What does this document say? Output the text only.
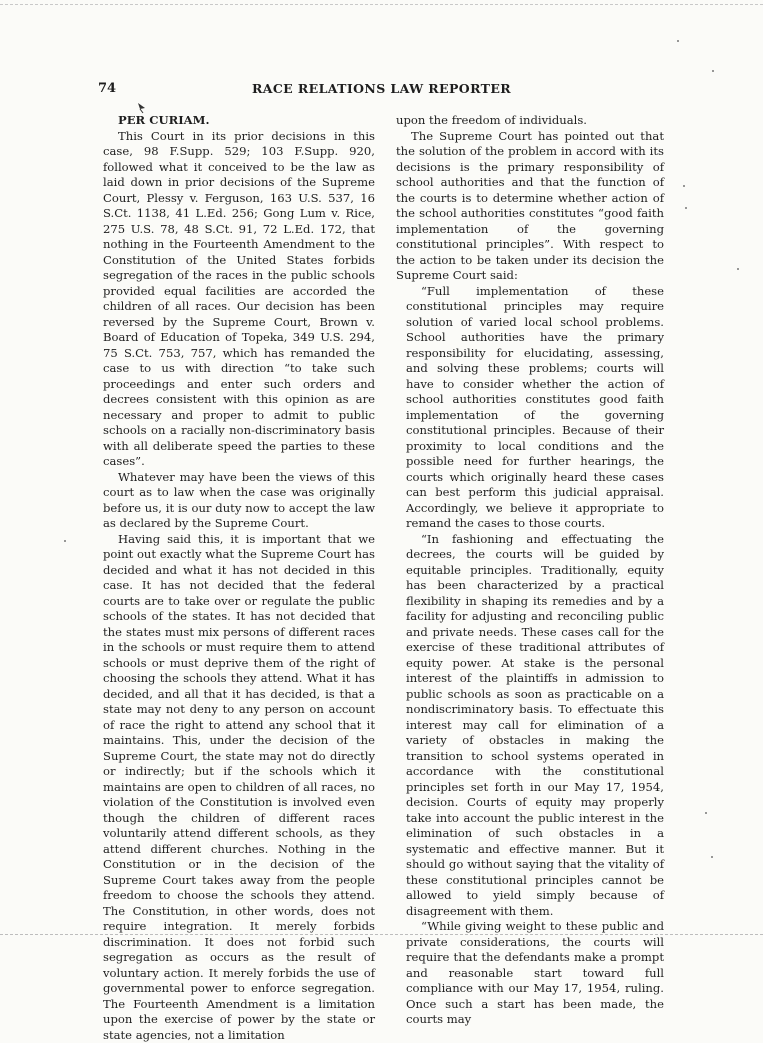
74	RACE RELATIONS LAW REPORTER

PER CURIAM.

This Court in its prior decisions in this case, 98 F.Supp. 529; 103 F.Supp. 920, followed what it conceived to be the law as laid down in prior decisions of the Supreme Court, Plessy v. Ferguson, 163 U.S. 537, 16 S.Ct. 1138, 41 L.Ed. 256; Gong Lum v. Rice, 275 U.S. 78, 48 S.Ct. 91, 72 L.Ed. 172, that nothing in the Fourteenth Amendment to the Constitution of the United States forbids segregation of the races in the public schools provided equal facilities are accorded the children of all races. Our decision has been reversed by the Supreme Court, Brown v. Board of Education of Topeka, 349 U.S. 294, 75 S.Ct. 753, 757, which has remanded the case to us with direction “to take such proceedings and enter such orders and decrees consistent with this opinion as are necessary and proper to admit to public schools on a racially non-discriminatory basis with all deliberate speed the parties to these cases”.

Whatever may have been the views of this court as to law when the case was originally before us, it is our duty now to accept the law as declared by the Supreme Court.

Having said this, it is important that we point out exactly what the Supreme Court has decided and what it has not decided in this case. It has not decided that the federal courts are to take over or regulate the public schools of the states. It has not decided that the states must mix persons of different races in the schools or must require them to attend schools or must deprive them of the right of choosing the schools they attend. What it has decided, and all that it has decided, is that a state may not deny to any person on account of race the right to attend any school that it maintains. This, under the decision of the Supreme Court, the state may not do directly or indirectly; but if the schools which it maintains are open to children of all races, no violation of the Constitution is involved even though the children of different races voluntarily attend different schools, as they attend different churches. Nothing in the Constitution or in the decision of the Supreme Court takes away from the people freedom to choose the schools they attend. The Constitution, in other words, does not require integration. It merely forbids discrimination. It does not forbid such segregation as occurs as the result of voluntary action. It merely forbids the use of governmental power to enforce segregation. The Fourteenth Amendment is a limitation upon the exercise of power by the state or state agencies, not a limitation

upon the freedom of individuals.

The Supreme Court has pointed out that the solution of the problem in accord with its decisions is the primary responsibility of school authorities and that the function of the courts is to determine whether action of the school authorities constitutes “good faith implementation of the governing constitutional principles”. With respect to the action to be taken under its decision the Supreme Court said:

“Full implementation of these constitutional principles may require solution of varied local school problems. School authorities have the primary responsibility for elucidating, assessing, and solving these problems; courts will have to consider whether the action of school authorities constitutes good faith implementation of the governing constitutional principles. Because of their proximity to local conditions and the possible need for further hearings, the courts which originally heard these cases can best perform this judicial appraisal. Accordingly, we believe it appropriate to remand the cases to those courts.

“In fashioning and effectuating the decrees, the courts will be guided by equitable principles. Traditionally, equity has been characterized by a practical flexibility in shaping its remedies and by a facility for adjusting and reconciling public and private needs. These cases call for the exercise of these traditional attributes of equity power. At stake is the personal interest of the plaintiffs in admission to public schools as soon as practicable on a nondiscriminatory basis. To effectuate this interest may call for elimination of a variety of obstacles in making the transition to school systems operated in accordance with the constitutional principles set forth in our May 17, 1954, decision. Courts of equity may properly take into account the public interest in the elimination of such obstacles in a systematic and effective manner. But it should go without saying that the vitality of these constitutional principles cannot be allowed to yield simply because of disagreement with them.

“While giving weight to these public and private considerations, the courts will require that the defendants make a prompt and reasonable start toward full compliance with our May 17, 1954, ruling. Once such a start has been made, the courts may
